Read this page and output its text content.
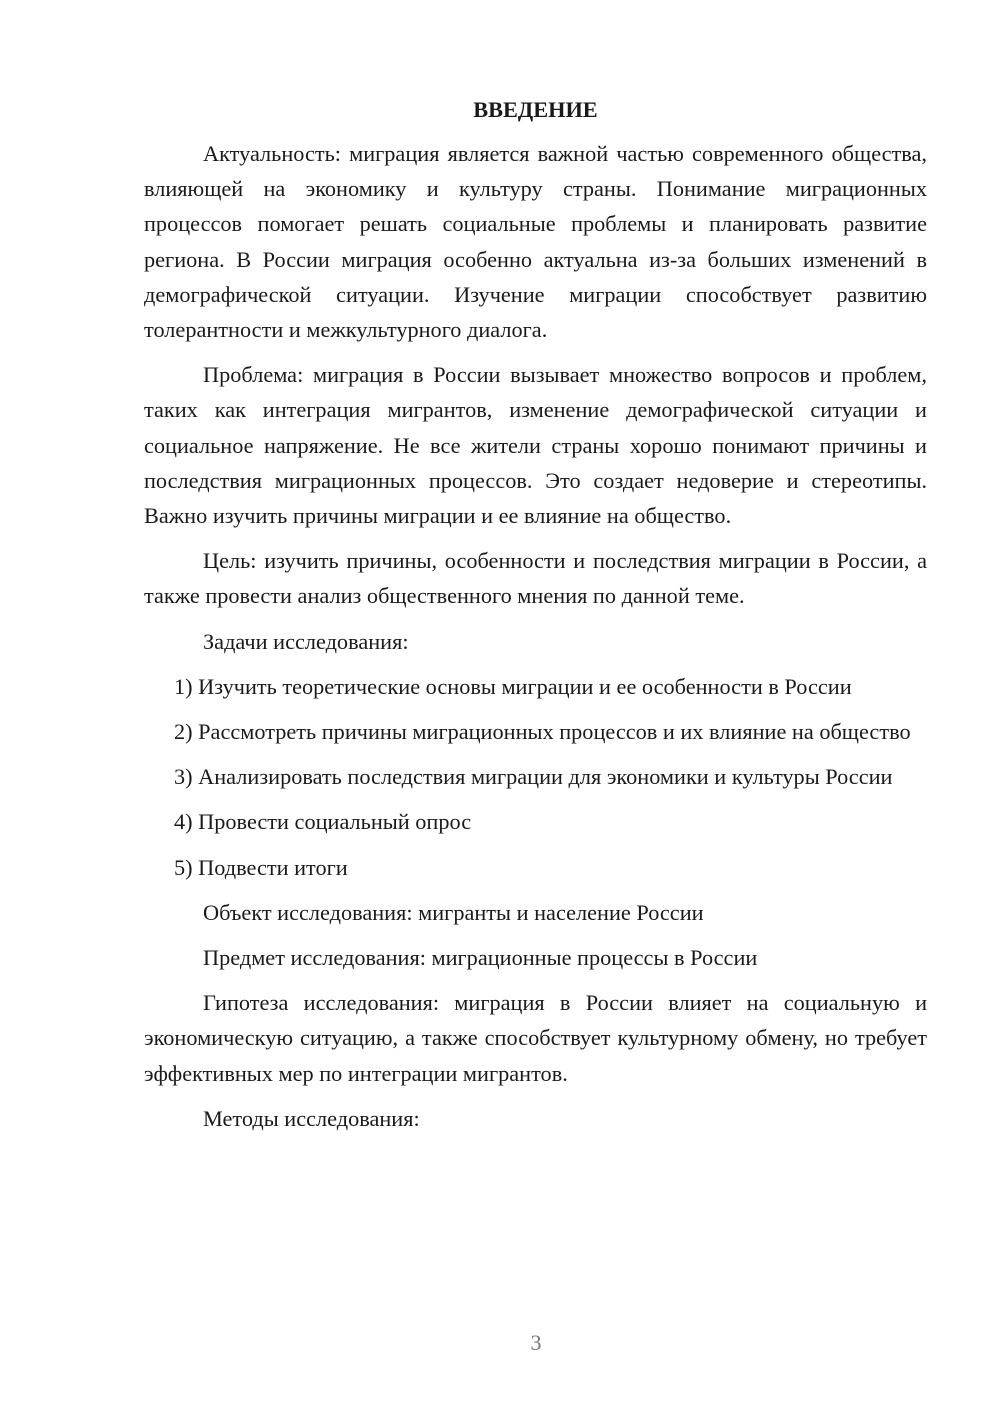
ВВЕДЕНИЕ

Актуальность: миграция является важной частью современного общества, влияющей на экономику и культуру страны. Понимание миграционных процессов помогает решать социальные проблемы и планировать развитие региона. В России миграция особенно актуальна из-за больших изменений в демографической ситуации. Изучение миграции способствует развитию толерантности и межкультурного диалога.

Проблема: миграция в России вызывает множество вопросов и проблем, таких как интеграция мигрантов, изменение демографической ситуации и социальное напряжение. Не все жители страны хорошо понимают причины и последствия миграционных процессов. Это создает недоверие и стереотипы. Важно изучить причины миграции и ее влияние на общество.

Цель: изучить причины, особенности и последствия миграции в России, а также провести анализ общественного мнения по данной теме.

Задачи исследования:

1) Изучить теоретические основы миграции и ее особенности в России

2) Рассмотреть причины миграционных процессов и их влияние на общество

3) Анализировать последствия миграции для экономики и культуры России

4) Провести социальный опрос

5) Подвести итоги

Объект исследования: мигранты и население России

Предмет исследования: миграционные процессы в России

Гипотеза исследования: миграция в России влияет на социальную и экономическую ситуацию, а также способствует культурному обмену, но требует эффективных мер по интеграции мигрантов.

Методы исследования:

3
